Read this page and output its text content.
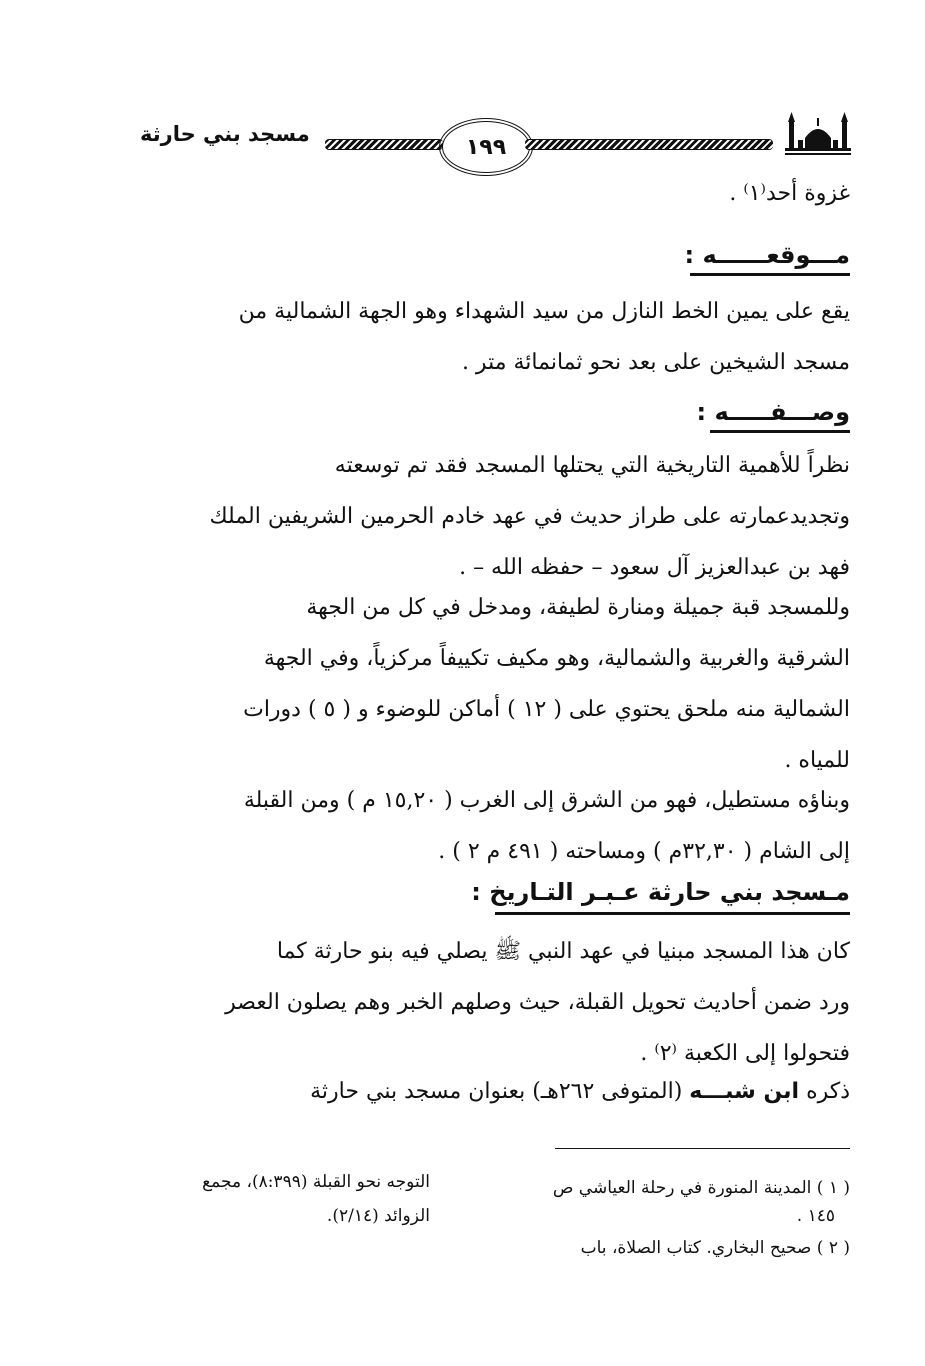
مسجد بني حارثة
١٩٩
غزوة أحد⁽١⁾ .
مـــوقعــــــه :
يقع على يمين الخط النازل من سيد الشهداء وهو الجهة الشمالية من
مسجد الشيخين على بعد نحو ثمانمائة متر .
وصـــفـــــه :
نظراً للأهمية التاريخية التي يحتلها المسجد فقد تم توسعته
وتجديدعمارته على طراز حديث في عهد خادم الحرمين الشريفين الملك
فهد بن عبدالعزيز آل سعود – حفظه الله – .
وللمسجد قبة جميلة ومنارة لطيفة، ومدخل في كل من الجهة
الشرقية والغربية والشمالية، وهو مكيف تكييفاً مركزياً، وفي الجهة
الشمالية منه ملحق يحتوي على ( ١٢ ) أماكن للوضوء و ( ٥ ) دورات
للمياه .
وبناؤه مستطيل، فهو من الشرق إلى الغرب ( ١٥,٢٠ م ) ومن القبلة
إلى الشام ( ٣٢,٣٠م ) ومساحته ( ٤٩١ م ٢ ) .
مـسجد بني حارثة عـبـر التـاريخ :
كان هذا المسجد مبنيا في عهد النبي ﷺ يصلي فيه بنو حارثة كما
ورد ضمن أحاديث تحويل القبلة، حيث وصلهم الخبر وهم يصلون العصر
فتحولوا إلى الكعبة ⁽٢⁾ .
ذكره ابن شبـــه (المتوفى ٢٦٢هـ) بعنوان مسجد بني حارثة
( ١ ) المدينة المنورة في رحلة العياشي ص
١٤٥ .
( ٢ ) صحيح البخاري. كتاب الصلاة، باب
التوجه نحو القبلة (٨:٣٩٩)، مجمع
الزوائد (٢/١٤).
